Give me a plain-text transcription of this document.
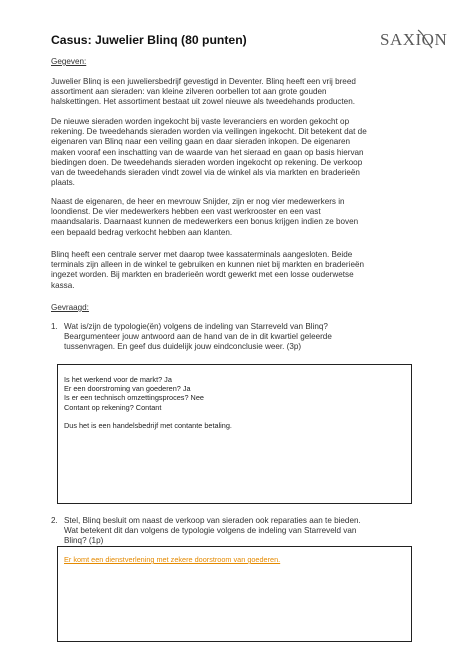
SAXION
Casus: Juwelier Blinq (80 punten)
Gegeven:
Juwelier Blinq is een juweliersbedrijf gevestigd in Deventer. Blinq heeft een vrij breed
assortiment aan sieraden: van kleine zilveren oorbellen tot aan grote gouden
halskettingen. Het assortiment bestaat uit zowel nieuwe als tweedehands producten.
De nieuwe sieraden worden ingekocht bij vaste leveranciers en worden gekocht op
rekening. De tweedehands sieraden worden via veilingen ingekocht. Dit betekent dat de
eigenaren van Blinq naar een veiling gaan en daar sieraden inkopen. De eigenaren
maken vooraf een inschatting van de waarde van het sieraad en gaan op basis hiervan
biedingen doen. De tweedehands sieraden worden ingekocht op rekening. De verkoop
van de tweedehands sieraden vindt zowel via de winkel als via markten en braderieën
plaats.
Naast de eigenaren, de heer en mevrouw Snijder, zijn er nog vier medewerkers in
loondienst. De vier medewerkers hebben een vast werkrooster en een vast
maandsalaris. Daarnaast kunnen de medewerkers een bonus krijgen indien ze boven
een bepaald bedrag verkocht hebben aan klanten.
Blinq heeft een centrale server met daarop twee kassaterminals aangesloten. Beide
terminals zijn alleen in de winkel te gebruiken en kunnen niet bij markten en braderieën
ingezet worden. Bij markten en braderieën wordt gewerkt met een losse ouderwetse
kassa.
Gevraagd:
1. Wat is/zijn de typologie(ën) volgens de indeling van Starreveld van Blinq?
Beargumenteer jouw antwoord aan de hand van de in dit kwartiel geleerde
tussenvragen. En geef dus duidelijk jouw eindconclusie weer. (3p)
Is het werkend voor de markt? Ja
Er een doorstroming van goederen? Ja
Is er een technisch omzettingsproces? Nee
Contant op rekening? Contant
Dus het is een handelsbedrijf met contante betaling.
2. Stel, Blinq besluit om naast de verkoop van sieraden ook reparaties aan te bieden.
Wat betekent dit dan volgens de typologie volgens de indeling van Starreveld van
Blinq? (1p)
Er komt een dienstverlening met zekere doorstroom van goederen.
